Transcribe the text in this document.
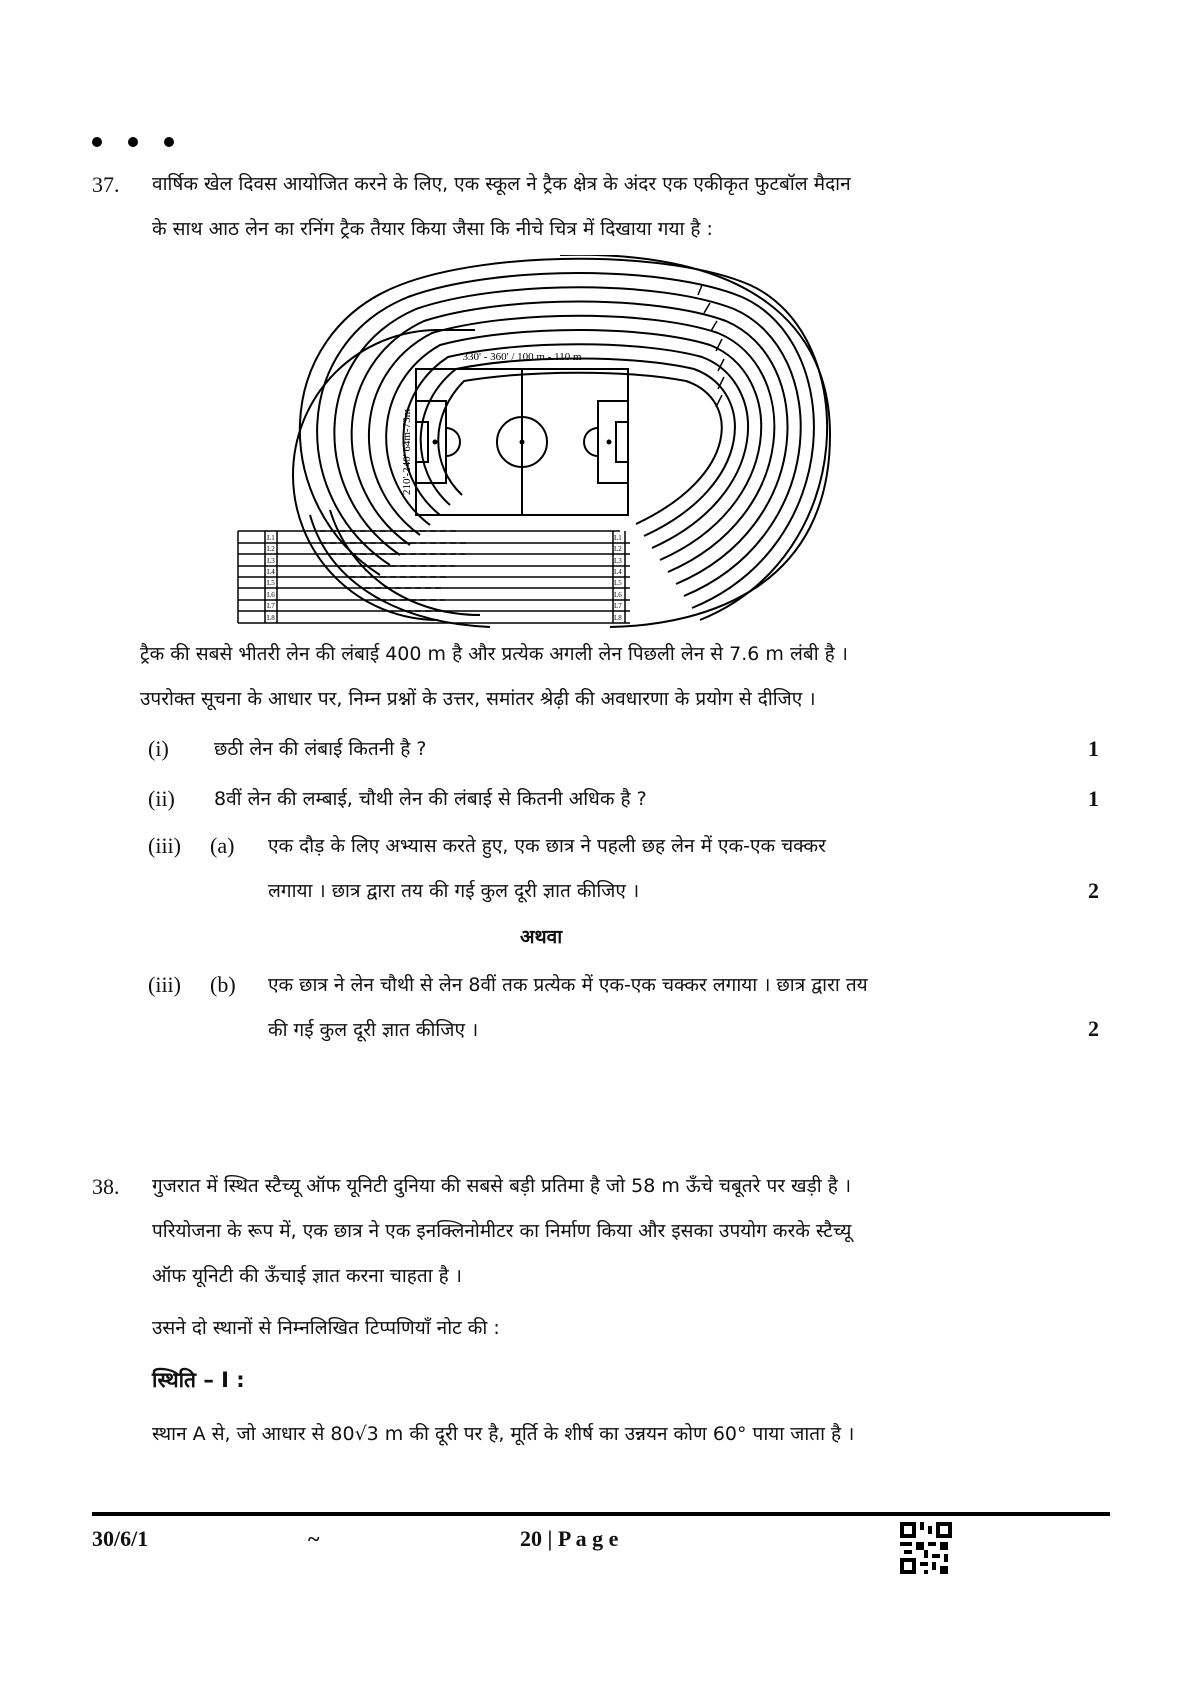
37. वार्षिक खेल दिवस आयोजित करने के लिए, एक स्कूल ने ट्रैक क्षेत्र के अंदर एक एकीकृत फुटबॉल मैदान
के साथ आठ लेन का रनिंग ट्रैक तैयार किया जैसा कि नीचे चित्र में दिखाया गया है :
330' - 360' / 100 m - 110 m
210'-240' 64m-73m
L1
L2
L3
L4
L5
L6
L7
L8
L1
L2
L3
L4
L5
L6
L7
L8
ट्रैक की सबसे भीतरी लेन की लंबाई 400 m है और प्रत्येक अगली लेन पिछली लेन से 7.6 m लंबी है ।
उपरोक्त सूचना के आधार पर, निम्न प्रश्नों के उत्तर, समांतर श्रेढ़ी की अवधारणा के प्रयोग से दीजिए ।
(i) छठी लेन की लंबाई कितनी है ?	1
(ii) 8वीं लेन की लम्बाई, चौथी लेन की लंबाई से कितनी अधिक है ?	1
(iii) (a) एक दौड़ के लिए अभ्यास करते हुए, एक छात्र ने पहली छह लेन में एक-एक चक्कर
लगाया । छात्र द्वारा तय की गई कुल दूरी ज्ञात कीजिए ।	2
अथवा
(iii) (b) एक छात्र ने लेन चौथी से लेन 8वीं तक प्रत्येक में एक-एक चक्कर लगाया । छात्र द्वारा तय
की गई कुल दूरी ज्ञात कीजिए ।	2
38. गुजरात में स्थित स्टैच्यू ऑफ यूनिटी दुनिया की सबसे बड़ी प्रतिमा है जो 58 m ऊँचे चबूतरे पर खड़ी है ।
परियोजना के रूप में, एक छात्र ने एक इनक्लिनोमीटर का निर्माण किया और इसका उपयोग करके स्टैच्यू
ऑफ यूनिटी की ऊँचाई ज्ञात करना चाहता है ।
उसने दो स्थानों से निम्नलिखित टिप्पणियाँ नोट की :
स्थिति – I :
स्थान A से, जो आधार से 80√3 m की दूरी पर है, मूर्ति के शीर्ष का उन्नयन कोण 60° पाया जाता है ।
30/6/1	~	20 | P a g e
